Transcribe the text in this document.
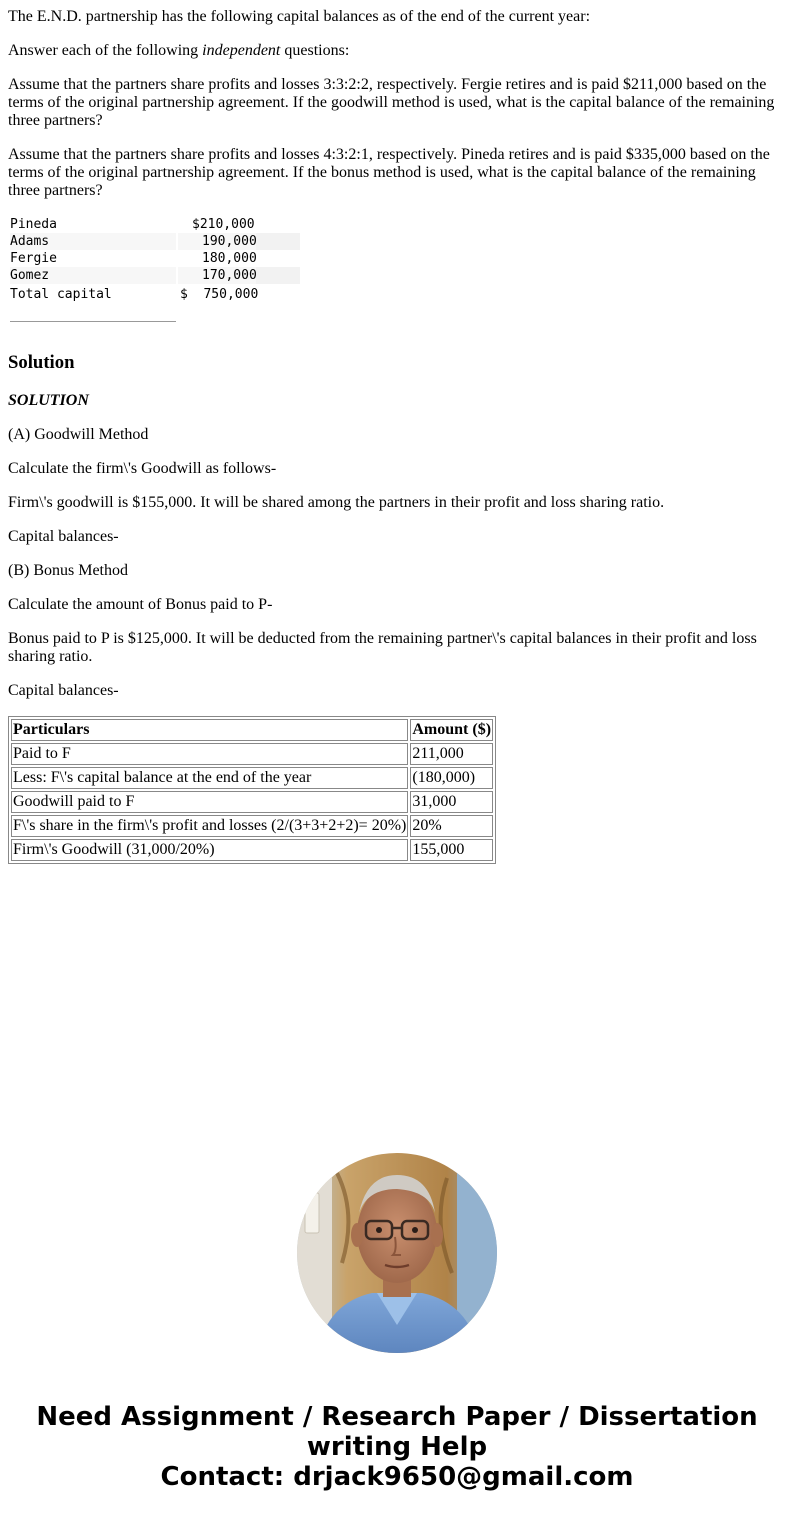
The E.N.D. partnership has the following capital balances as of the end of the current year:

Answer each of the following independent questions:

Assume that the partners share profits and losses 3:3:2:2, respectively. Fergie retires and is paid $211,000 based on the terms of the original partnership agreement. If the goodwill method is used, what is the capital balance of the remaining three partners?

Assume that the partners share profits and losses 4:3:2:1, respectively. Pineda retires and is paid $335,000 based on the terms of the original partnership agreement. If the bonus method is used, what is the capital balance of the remaining three partners?

Pineda	$210,000
Adams	190,000
Fergie	180,000
Gomez	170,000
Total capital	$  750,000
Solution

SOLUTION

(A) Goodwill Method

Calculate the firm\'s Goodwill as follows-

Firm\'s goodwill is $155,000. It will be shared among the partners in their profit and loss sharing ratio.

Capital balances-

(B) Bonus Method

Calculate the amount of Bonus paid to P-

Bonus paid to P is $125,000. It will be deducted from the remaining partner\'s capital balances in their profit and loss sharing ratio.

Capital balances-

Particulars	Amount ($)
Paid to F	211,000
Less: F\'s capital balance at the end of the year	(180,000)
Goodwill paid to F	31,000
F\'s share in the firm\'s profit and losses (2/(3+3+2+2)= 20%)	20%
Firm\'s Goodwill (31,000/20%)	155,000
Need Assignment / Research Paper / Dissertation
writing Help
Contact: drjack9650@gmail.com
